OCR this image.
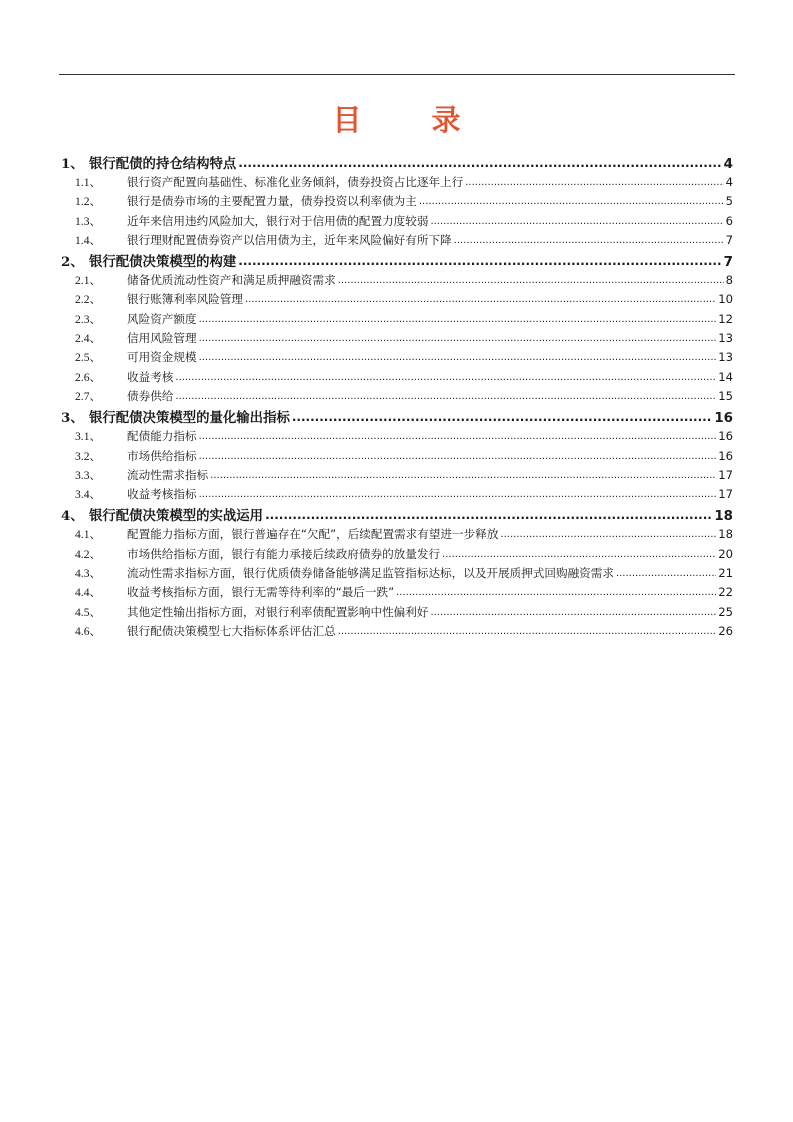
目 录
1、 银行配债的持仓结构特点 .....	4
1.1、	银行资产配置向基础性、标准化业务倾斜，债券投资占比逐年上行 .....	4
1.2、	银行是债券市场的主要配置力量，债券投资以利率债为主 .....	5
1.3、	近年来信用违约风险加大，银行对于信用债的配置力度较弱 .....	6
1.4、	银行理财配置债券资产以信用债为主，近年来风险偏好有所下降 .....	7
2、 银行配债决策模型的构建 .....	7
2.1、	储备优质流动性资产和满足质押融资需求 .....	8
2.2、	银行账簿利率风险管理 .....	10
2.3、	风险资产额度 .....	12
2.4、	信用风险管理 .....	13
2.5、	可用资金规模 .....	13
2.6、	收益考核 .....	14
2.7、	债券供给 .....	15
3、 银行配债决策模型的量化输出指标 .....	16
3.1、	配债能力指标 .....	16
3.2、	市场供给指标 .....	16
3.3、	流动性需求指标 .....	17
3.4、	收益考核指标 .....	17
4、 银行配债决策模型的实战运用 .....	18
4.1、	配置能力指标方面，银行普遍存在“欠配”，后续配置需求有望进一步释放 .....	18
4.2、	市场供给指标方面，银行有能力承接后续政府债券的放量发行 .....	20
4.3、	流动性需求指标方面，银行优质债券储备能够满足监管指标达标，以及开展质押式回购融资需求 .....	21
4.4、	收益考核指标方面，银行无需等待利率的“最后一跌” .....	22
4.5、	其他定性输出指标方面，对银行利率债配置影响中性偏利好 .....	25
4.6、	银行配债决策模型七大指标体系评估汇总 .....	26
